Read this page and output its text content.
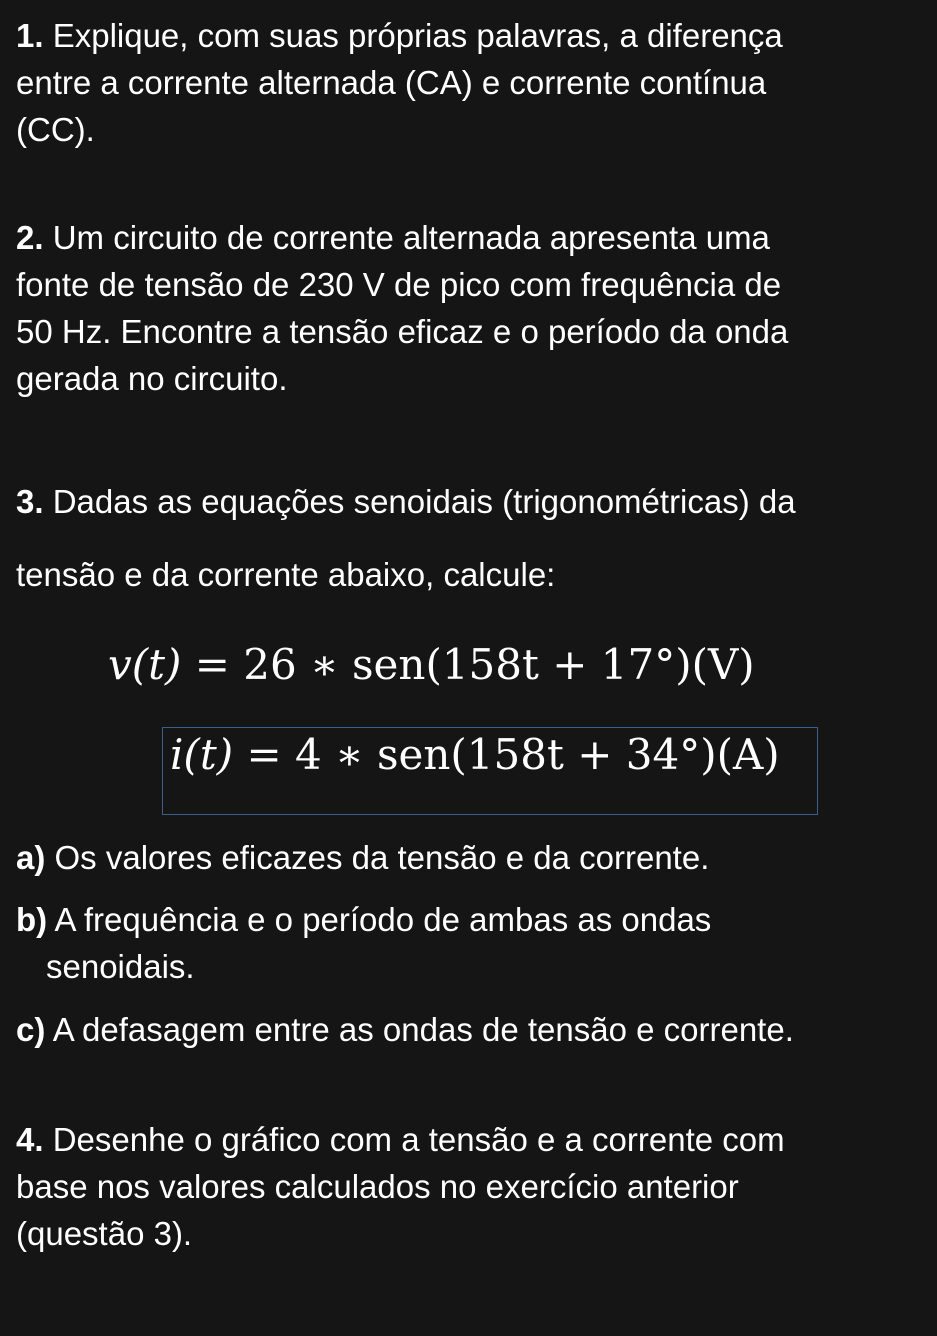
1. Explique, com suas próprias palavras, a diferença
entre a corrente alternada (CA) e corrente contínua
(CC).
2. Um circuito de corrente alternada apresenta uma
fonte de tensão de 230 V de pico com frequência de
50 Hz. Encontre a tensão eficaz e o período da onda
gerada no circuito.
3. Dadas as equações senoidais (trigonométricas) da
tensão e da corrente abaixo, calcule:
v(t) = 26 ∗ sen(158t + 17°)(V)
i(t) = 4 ∗ sen(158t + 34°)(A)
a) Os valores eficazes da tensão e da corrente.
b) A frequência e o período de ambas as ondas
senoidais.
c) A defasagem entre as ondas de tensão e corrente.
4. Desenhe o gráfico com a tensão e a corrente com
base nos valores calculados no exercício anterior
(questão 3).
